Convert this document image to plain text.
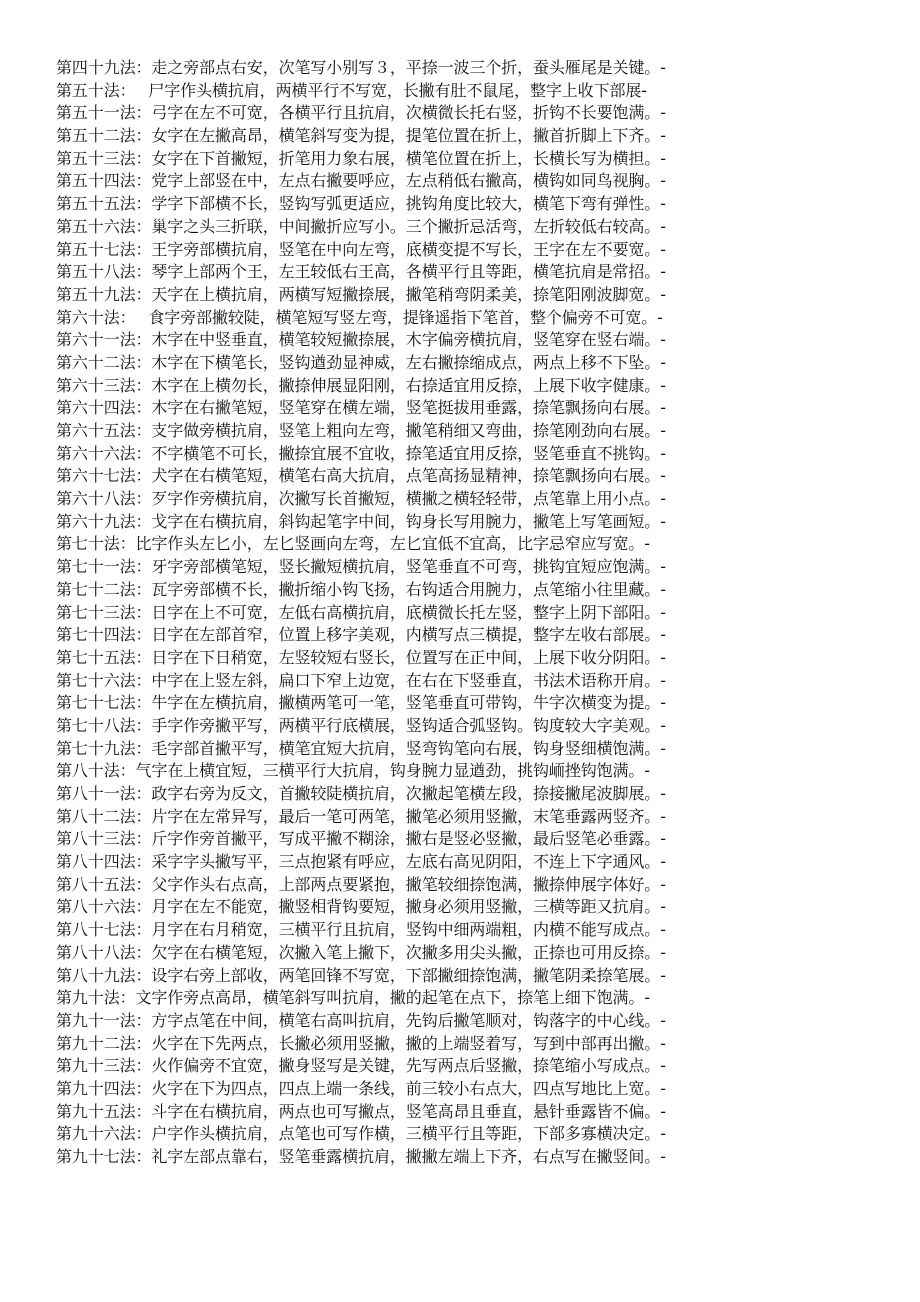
第四十九法：走之旁部点右安，次笔写小别写３，平捺一波三个折，蚕头雁尾是关键。-
第五十法：　 尸字作头横抗肩，两横平行不写宽，长撇有肚不鼠尾，整字上收下部展-
第五十一法：弓字在左不可宽，各横平行且抗肩，次横微长托右竖，折钩不长要饱满。-
第五十二法：女字在左撇高昂，横笔斜写变为提，提笔位置在折上，撇首折脚上下齐。-
第五十三法：女字在下首撇短，折笔用力象右展，横笔位置在折上，长横长写为横担。-
第五十四法：党字上部竖在中，左点右撇要呼应，左点稍低右撇高，横钩如同鸟视胸。-
第五十五法：学字下部横不长，竖钩写弧更适应，挑钩角度比较大，横笔下弯有弹性。-
第五十六法：巢字之头三折联，中间撇折应写小。三个撇折忌活弯，左折较低右较高。-
第五十七法：王字旁部横抗肩，竖笔在中向左弯，底横变提不写长，王字在左不要宽。-
第五十八法：琴字上部两个王，左王较低右王高，各横平行且等距，横笔抗肩是常招。-
第五十九法：天字在上横抗肩，两横写短撇捺展，撇笔稍弯阴柔美，捺笔阳刚波脚宽。-
第六十法：　 食字旁部撇较陡，横笔短写竖左弯，提锋遥指下笔首，整个偏旁不可宽。-
第六十一法：木字在中竖垂直，横笔较短撇捺展，木字偏旁横抗肩，竖笔穿在竖右端。-
第六十二法：木字在下横笔长，竖钩遒劲显神威，左右撇捺缩成点，两点上移不下坠。-
第六十三法：木字在上横勿长，撇捺伸展显阳刚，右捺适宜用反捺，上展下收字健康。-
第六十四法：木字在右撇笔短，竖笔穿在横左端，竖笔挺拔用垂露，捺笔飘扬向右展。-
第六十五法：支字做旁横抗肩，竖笔上粗向左弯，撇笔稍细又弯曲，捺笔刚劲向右展。-
第六十六法：不字横笔不可长，撇捺宜展不宜收，捺笔适宜用反捺，竖笔垂直不挑钩。-
第六十七法：犬字在右横笔短，横笔右高大抗肩，点笔高扬显精神，捺笔飘扬向右展。-
第六十八法：歹字作旁横抗肩，次撇写长首撇短，横撇之横轻轻带，点笔靠上用小点。-
第六十九法：戈字在右横抗肩，斜钩起笔字中间，钩身长写用腕力，撇笔上写笔画短。-
第七十法：比字作头左匕小，左匕竖画向左弯，左匕宜低不宜高，比字忌窄应写宽。-
第七十一法：牙字旁部横笔短，竖长撇短横抗肩，竖笔垂直不可弯，挑钩宜短应饱满。-
第七十二法：瓦字旁部横不长，撇折缩小钩飞扬，右钩适合用腕力，点笔缩小往里藏。-
第七十三法：日字在上不可宽，左低右高横抗肩，底横微长托左竖，整字上阴下部阳。-
第七十四法：日字在左部首窄，位置上移字美观，内横写点三横提，整字左收右部展。-
第七十五法：日字在下日稍宽，左竖较短右竖长，位置写在正中间，上展下收分阴阳。-
第七十六法：中字在上竖左斜，扁口下窄上边宽，在右在下竖垂直，书法术语称开肩。-
第七十七法：牛字在左横抗肩，撇横两笔可一笔，竖笔垂直可带钩，牛字次横变为提。-
第七十八法：手字作旁撇平写，两横平行底横展，竖钩适合弧竖钩。钩度较大字美观。-
第七十九法：毛字部首撇平写，横笔宜短大抗肩，竖弯钩笔向右展，钩身竖细横饱满。-
第八十法：气字在上横宜短，三横平行大抗肩，钩身腕力显遒劲，挑钩峏挫钩饱满。-
第八十一法：政字右旁为反文，首撇较陡横抗肩，次撇起笔横左段，捺接撇尾波脚展。-
第八十二法：片字在左常异写，最后一笔可两笔，撇笔必须用竖撇，末笔垂露两竖齐。-
第八十三法：斤字作旁首撇平，写成平撇不糊涂，撇右是竖必竖撇，最后竖笔必垂露。-
第八十四法：采字字头撇写平，三点抱紧有呼应，左底右高见阴阳，不连上下字通风。-
第八十五法：父字作头右点高，上部两点要紧抱，撇笔较细捺饱满，撇捺伸展字体好。-
第八十六法：月字在左不能宽，撇竖相背钩要短，撇身必须用竖撇，三横等距又抗肩。-
第八十七法：月字在右月稍宽，三横平行且抗肩，竖钩中细两端粗，内横不能写成点。-
第八十八法：欠字在右横笔短，次撇入笔上撇下，次撇多用尖头撇，正捺也可用反捺。-
第八十九法：设字右旁上部收，两笔回锋不写宽，下部撇细捺饱满，撇笔阴柔捺笔展。-
第九十法：文字作旁点高昂，横笔斜写叫抗肩，撇的起笔在点下，捺笔上细下饱满。-
第九十一法：方字点笔在中间，横笔右高叫抗肩，先钩后撇笔顺对，钩落字的中心线。-
第九十二法：火字在下先两点，长撇必须用竖撇，撇的上端竖着写，写到中部再出撇。-
第九十三法：火作偏旁不宜宽，撇身竖写是关键，先写两点后竖撇，捺笔缩小写成点。-
第九十四法：火字在下为四点，四点上端一条线，前三较小右点大，四点写地比上宽。-
第九十五法：斗字在右横抗肩，两点也可写撇点，竖笔高昂且垂直，悬针垂露皆不偏。-
第九十六法：户字作头横抗肩，点笔也可写作横，三横平行且等距，下部多寡横决定。-
第九十七法：礼字左部点靠右，竖笔垂露横抗肩，撇撇左端上下齐，右点写在撇竖间。-
